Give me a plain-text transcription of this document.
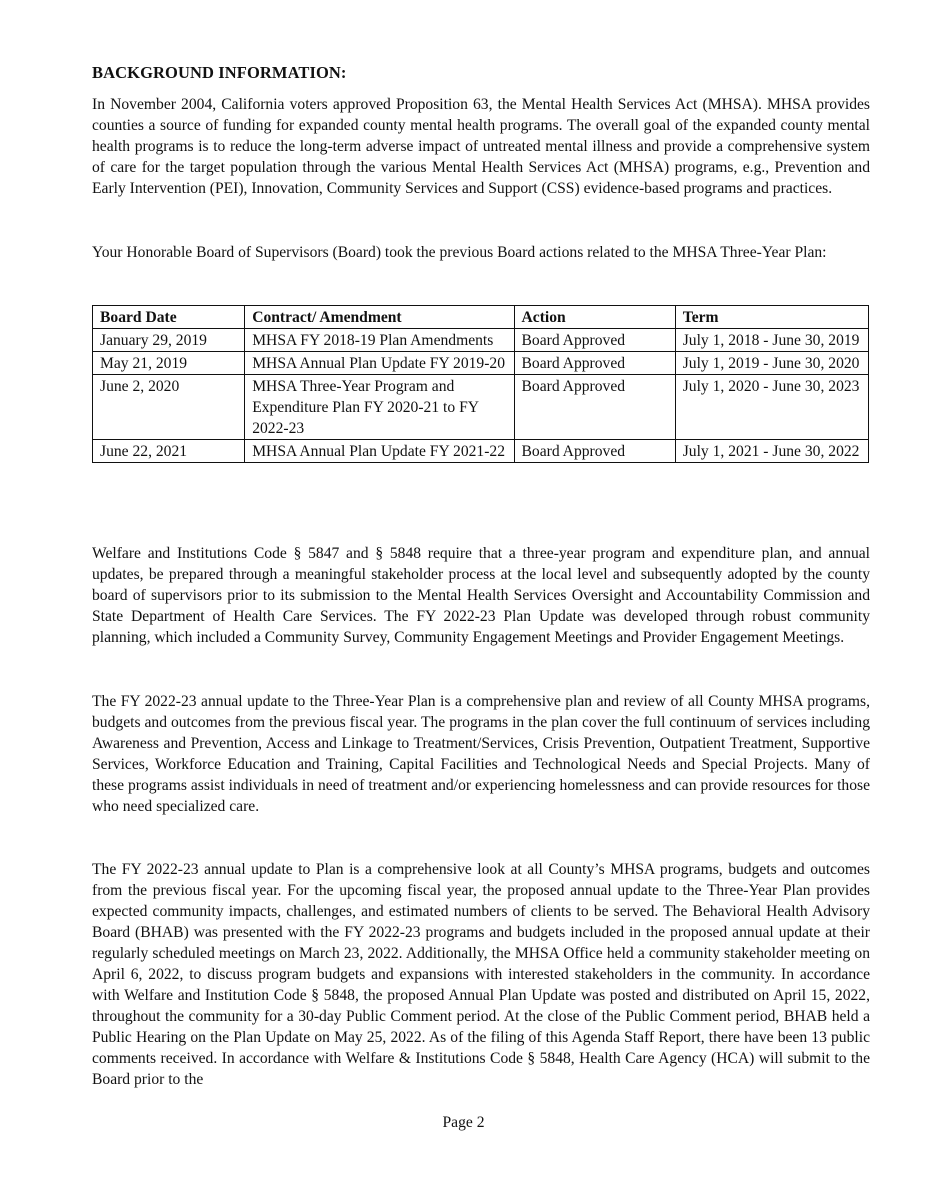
BACKGROUND INFORMATION:

In November 2004, California voters approved Proposition 63, the Mental Health Services Act (MHSA). MHSA provides counties a source of funding for expanded county mental health programs. The overall goal of the expanded county mental health programs is to reduce the long-term adverse impact of untreated mental illness and provide a comprehensive system of care for the target population through the various Mental Health Services Act (MHSA) programs, e.g., Prevention and Early Intervention (PEI), Innovation, Community Services and Support (CSS) evidence-based programs and practices.

Your Honorable Board of Supervisors (Board) took the previous Board actions related to the MHSA Three-Year Plan:

Board Date	Contract/ Amendment	Action	Term
January 29, 2019	MHSA FY 2018-19 Plan Amendments	Board Approved	July 1, 2018 - June 30, 2019
May 21, 2019	MHSA Annual Plan Update FY 2019-20	Board Approved	July 1, 2019 - June 30, 2020
June 2, 2020	MHSA Three-Year Program and Expenditure Plan FY 2020-21 to FY 2022-23	Board Approved	July 1, 2020 - June 30, 2023
June 22, 2021	MHSA Annual Plan Update FY 2021-22	Board Approved	July 1, 2021 - June 30, 2022

Welfare and Institutions Code § 5847 and § 5848 require that a three-year program and expenditure plan, and annual updates, be prepared through a meaningful stakeholder process at the local level and subsequently adopted by the county board of supervisors prior to its submission to the Mental Health Services Oversight and Accountability Commission and State Department of Health Care Services. The FY 2022-23 Plan Update was developed through robust community planning, which included a Community Survey, Community Engagement Meetings and Provider Engagement Meetings.

The FY 2022-23 annual update to the Three-Year Plan is a comprehensive plan and review of all County MHSA programs, budgets and outcomes from the previous fiscal year. The programs in the plan cover the full continuum of services including Awareness and Prevention, Access and Linkage to Treatment/Services, Crisis Prevention, Outpatient Treatment, Supportive Services, Workforce Education and Training, Capital Facilities and Technological Needs and Special Projects. Many of these programs assist individuals in need of treatment and/or experiencing homelessness and can provide resources for those who need specialized care.

The FY 2022-23 annual update to Plan is a comprehensive look at all County’s MHSA programs, budgets and outcomes from the previous fiscal year. For the upcoming fiscal year, the proposed annual update to the Three-Year Plan provides expected community impacts, challenges, and estimated numbers of clients to be served. The Behavioral Health Advisory Board (BHAB) was presented with the FY 2022-23 programs and budgets included in the proposed annual update at their regularly scheduled meetings on March 23, 2022. Additionally, the MHSA Office held a community stakeholder meeting on April 6, 2022, to discuss program budgets and expansions with interested stakeholders in the community. In accordance with Welfare and Institution Code § 5848, the proposed Annual Plan Update was posted and distributed on April 15, 2022, throughout the community for a 30-day Public Comment period. At the close of the Public Comment period, BHAB held a Public Hearing on the Plan Update on May 25, 2022. As of the filing of this Agenda Staff Report, there have been 13 public comments received. In accordance with Welfare & Institutions Code § 5848, Health Care Agency (HCA) will submit to the Board prior to the

Page 2
